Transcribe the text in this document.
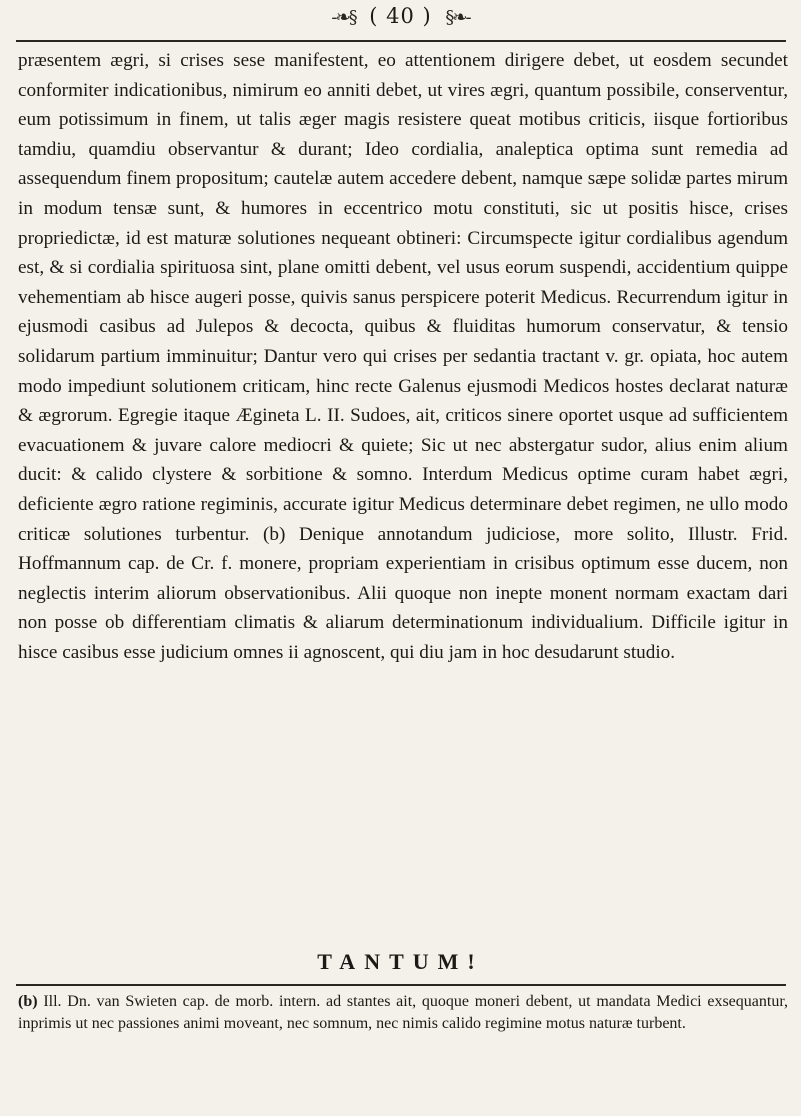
-❧§ ( 40 ) §❧-

præsentem ægri, si crises sese manifestent, eo attentionem dirigere debet, ut eosdem secundet conformiter indicationibus, nimirum eo anniti debet, ut vires ægri, quantum possibile, conserventur, eum potissimum in finem, ut talis æger magis resistere queat motibus criticis, iisque fortioribus tamdiu, quamdiu observantur & durant; Ideo cordialia, analeptica optima sunt remedia ad assequendum finem propositum; cautelæ autem accedere debent, namque sæpe solidæ partes mirum in modum tensæ sunt, & humores in eccentrico motu constituti, sic ut positis hisce, crises propriedictæ, id est maturæ solutiones nequeant obtineri: Circumspecte igitur cordialibus agendum est, & si cordialia spirituosa sint, plane omitti debent, vel usus eorum suspendi, accidentium quippe vehementiam ab hisce augeri posse, quivis sanus perspicere poterit Medicus. Recurrendum igitur in ejusmodi casibus ad Julepos & decocta, quibus & fluiditas humorum conservatur, & tensio solidarum partium imminuitur; Dantur vero qui crises per sedantia tractant v. gr. opiata, hoc autem modo impediunt solutionem criticam, hinc recte Galenus ejusmodi Medicos hostes declarat naturæ & ægrorum. Egregie itaque Ægineta L. II. Sudoes, ait, criticos sinere oportet usque ad sufficientem evacuationem & juvare calore mediocri & quiete; Sic ut nec abstergatur sudor, alius enim alium ducit: & calido clystere & sorbitione & somno. Interdum Medicus optime curam habet ægri, deficiente ægro ratione regiminis, accurate igitur Medicus determinare debet regimen, ne ullo modo criticæ solutiones turbentur. (b) Denique annotandum judiciose, more solito, Illustr. Frid. Hoffmannum cap. de Cr. f. monere, propriam experientiam in crisibus optimum esse ducem, non neglectis interim aliorum observationibus. Alii quoque non inepte monent normam exactam dari non posse ob differentiam climatis & aliarum determinationum individualium. Difficile igitur in hisce casibus esse judicium omnes ii agnoscent, qui diu jam in hoc desudarunt studio.

TANTUM!
(b) Ill. Dn. van Swieten cap. de morb. intern. ad stantes ait, quoque moneri debent, ut mandata Medici exsequantur, inprimis ut nec passiones animi moveant, nec somnum, nec nimis calido regimine motus naturæ turbent.
